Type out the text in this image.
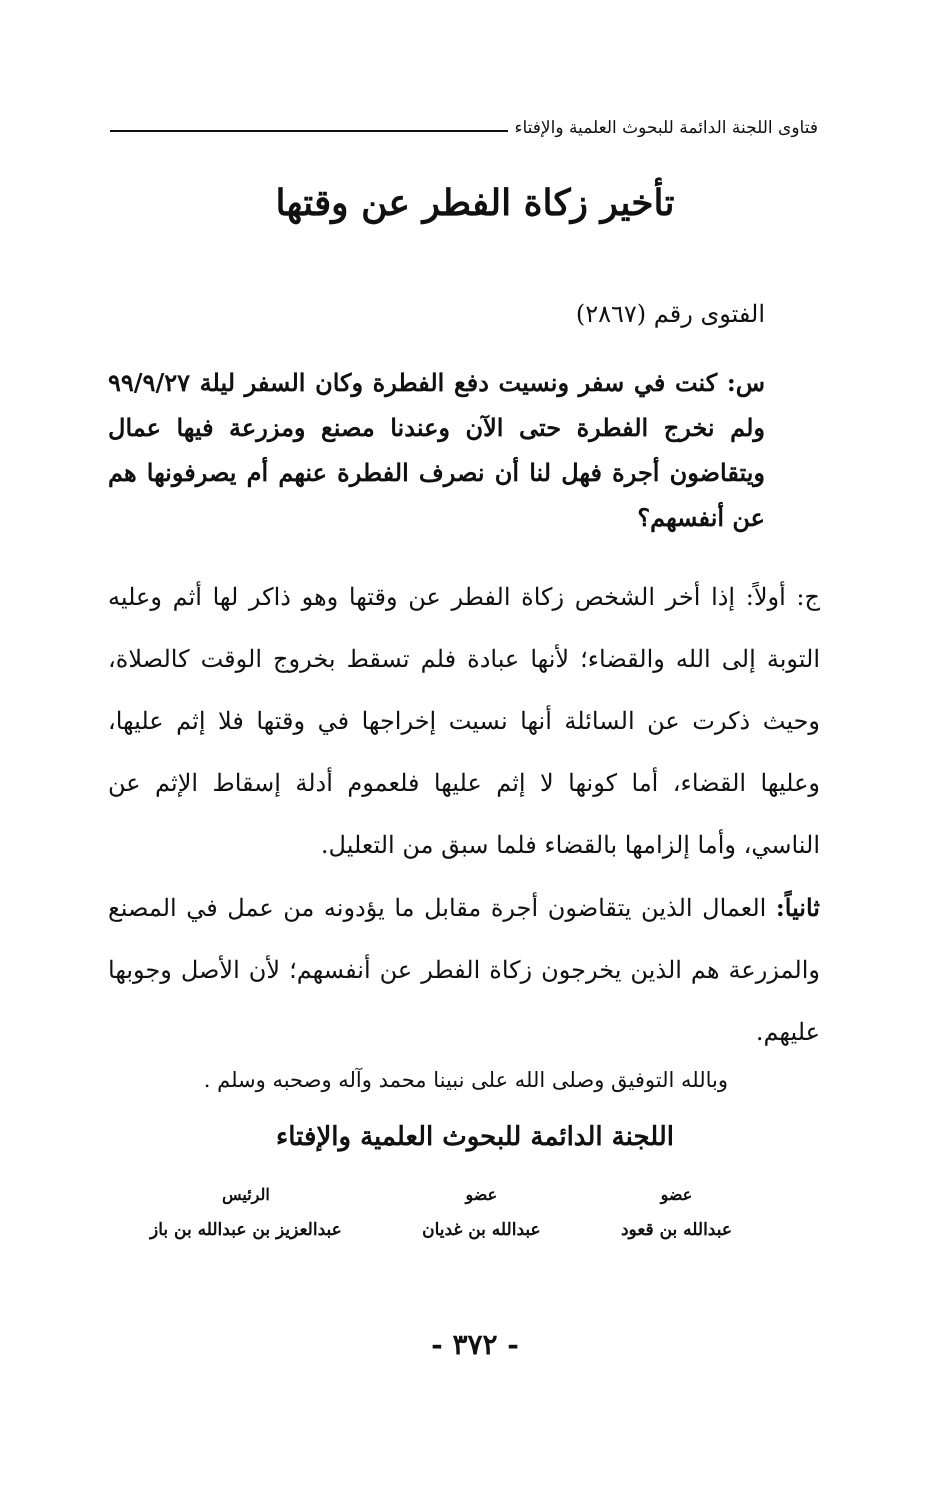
فتاوى اللجنة الدائمة للبحوث العلمية والإفتاء
تأخير زكاة الفطر عن وقتها
الفتوى رقم (٢٨٦٧)

س: كنت في سفر ونسيت دفع الفطرة وكان السفر ليلة ٩٩/٩/٢٧ ولم نخرج الفطرة حتى الآن وعندنا مصنع ومزرعة فيها عمال ويتقاضون أجرة فهل لنا أن نصرف الفطرة عنهم أم يصرفونها هم عن أنفسهم؟

ج: أولاً: إذا أخر الشخص زكاة الفطر عن وقتها وهو ذاكر لها أثم وعليه التوبة إلى الله والقضاء؛ لأنها عبادة فلم تسقط بخروج الوقت كالصلاة، وحيث ذكرت عن السائلة أنها نسيت إخراجها في وقتها فلا إثم عليها، وعليها القضاء، أما كونها لا إثم عليها فلعموم أدلة إسقاط الإثم عن الناسي، وأما إلزامها بالقضاء فلما سبق من التعليل.

ثانياً: العمال الذين يتقاضون أجرة مقابل ما يؤدونه من عمل في المصنع والمزرعة هم الذين يخرجون زكاة الفطر عن أنفسهم؛ لأن الأصل وجوبها عليهم.

وبالله التوفيق وصلى الله على نبينا محمد وآله وصحبه وسلم .
اللجنة الدائمة للبحوث العلمية والإفتاء
عضو
عبدالله بن قعود
عضو
عبدالله بن غديان
الرئيس
عبدالعزيز بن عبدالله بن باز
- ٣٧٢ -
